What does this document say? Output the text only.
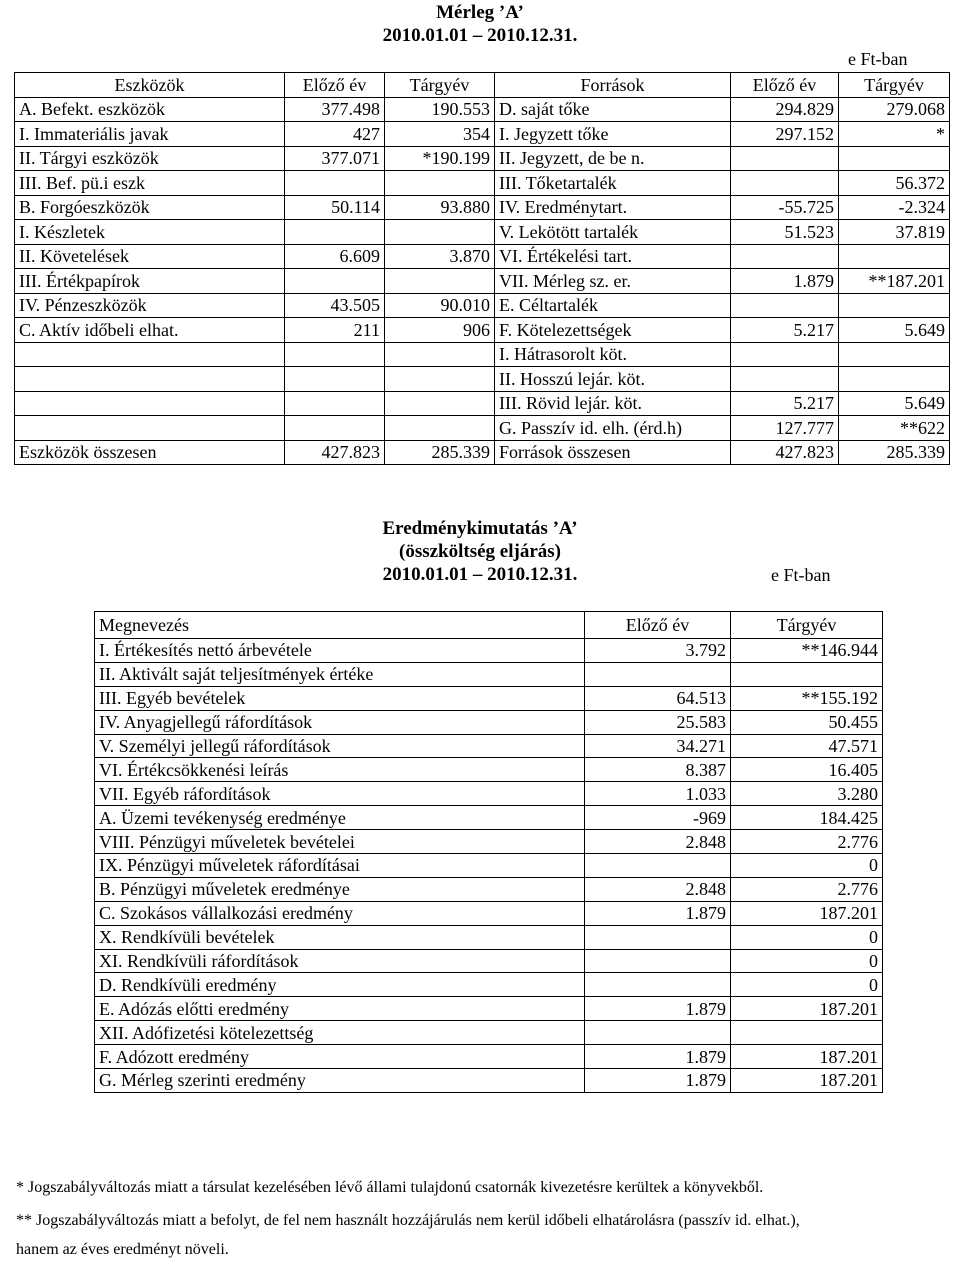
Mérleg ’A’
2010.01.01 – 2010.12.31.
e Ft-ban
Eszközök	Előző év	Tárgyév	Források	Előző év	Tárgyév
A. Befekt. eszközök	377.498	190.553	D. saját tőke	294.829	279.068
I. Immateriális javak	427	354	I. Jegyzett tőke	297.152	*
II. Tárgyi eszközök	377.071	*190.199	II. Jegyzett, de be n.		
III. Bef. pü.i eszk			III. Tőketartalék		56.372
B. Forgóeszközök	50.114	93.880	IV. Eredménytart.	-55.725	-2.324
I. Készletek			V. Lekötött tartalék	51.523	37.819
II. Követelések	6.609	3.870	VI. Értékelési tart.		
III. Értékpapírok			VII. Mérleg sz. er.	1.879	**187.201
IV. Pénzeszközök	43.505	90.010	E. Céltartalék		
C. Aktív időbeli elhat.	211	906	F. Kötelezettségek	5.217	5.649
			I. Hátrasorolt köt.		
			II. Hosszú lejár. köt.		
			III. Rövid lejár. köt.	5.217	5.649
			G. Passzív id. elh. (érd.h)	127.777	**622
Eszközök összesen	427.823	285.339	Források összesen	427.823	285.339
Eredménykimutatás ’A’
(összköltség eljárás)
2010.01.01 – 2010.12.31.	e Ft-ban
Megnevezés	Előző év	Tárgyév
I. Értékesítés nettó árbevétele	3.792	**146.944
II. Aktivált saját teljesítmények értéke		
III. Egyéb bevételek	64.513	**155.192
IV. Anyagjellegű ráfordítások	25.583	50.455
V. Személyi jellegű ráfordítások	34.271	47.571
VI. Értékcsökkenési leírás	8.387	16.405
VII. Egyéb ráfordítások	1.033	3.280
A. Üzemi tevékenység eredménye	-969	184.425
VIII. Pénzügyi műveletek bevételei	2.848	2.776
IX. Pénzügyi műveletek ráfordításai		0
B. Pénzügyi műveletek eredménye	2.848	2.776
C. Szokásos vállalkozási eredmény	1.879	187.201
X. Rendkívüli bevételek		0
XI. Rendkívüli ráfordítások		0
D. Rendkívüli eredmény		0
E. Adózás előtti eredmény	1.879	187.201
XII. Adófizetési kötelezettség		
F. Adózott eredmény	1.879	187.201
G. Mérleg szerinti eredmény	1.879	187.201
* Jogszabályváltozás miatt a társulat kezelésében lévő állami tulajdonú csatornák kivezetésre kerültek a könyvekből.
** Jogszabályváltozás miatt a befolyt, de fel nem használt hozzájárulás nem kerül időbeli elhatárolásra (passzív id. elhat.),
hanem az éves eredményt növeli.
